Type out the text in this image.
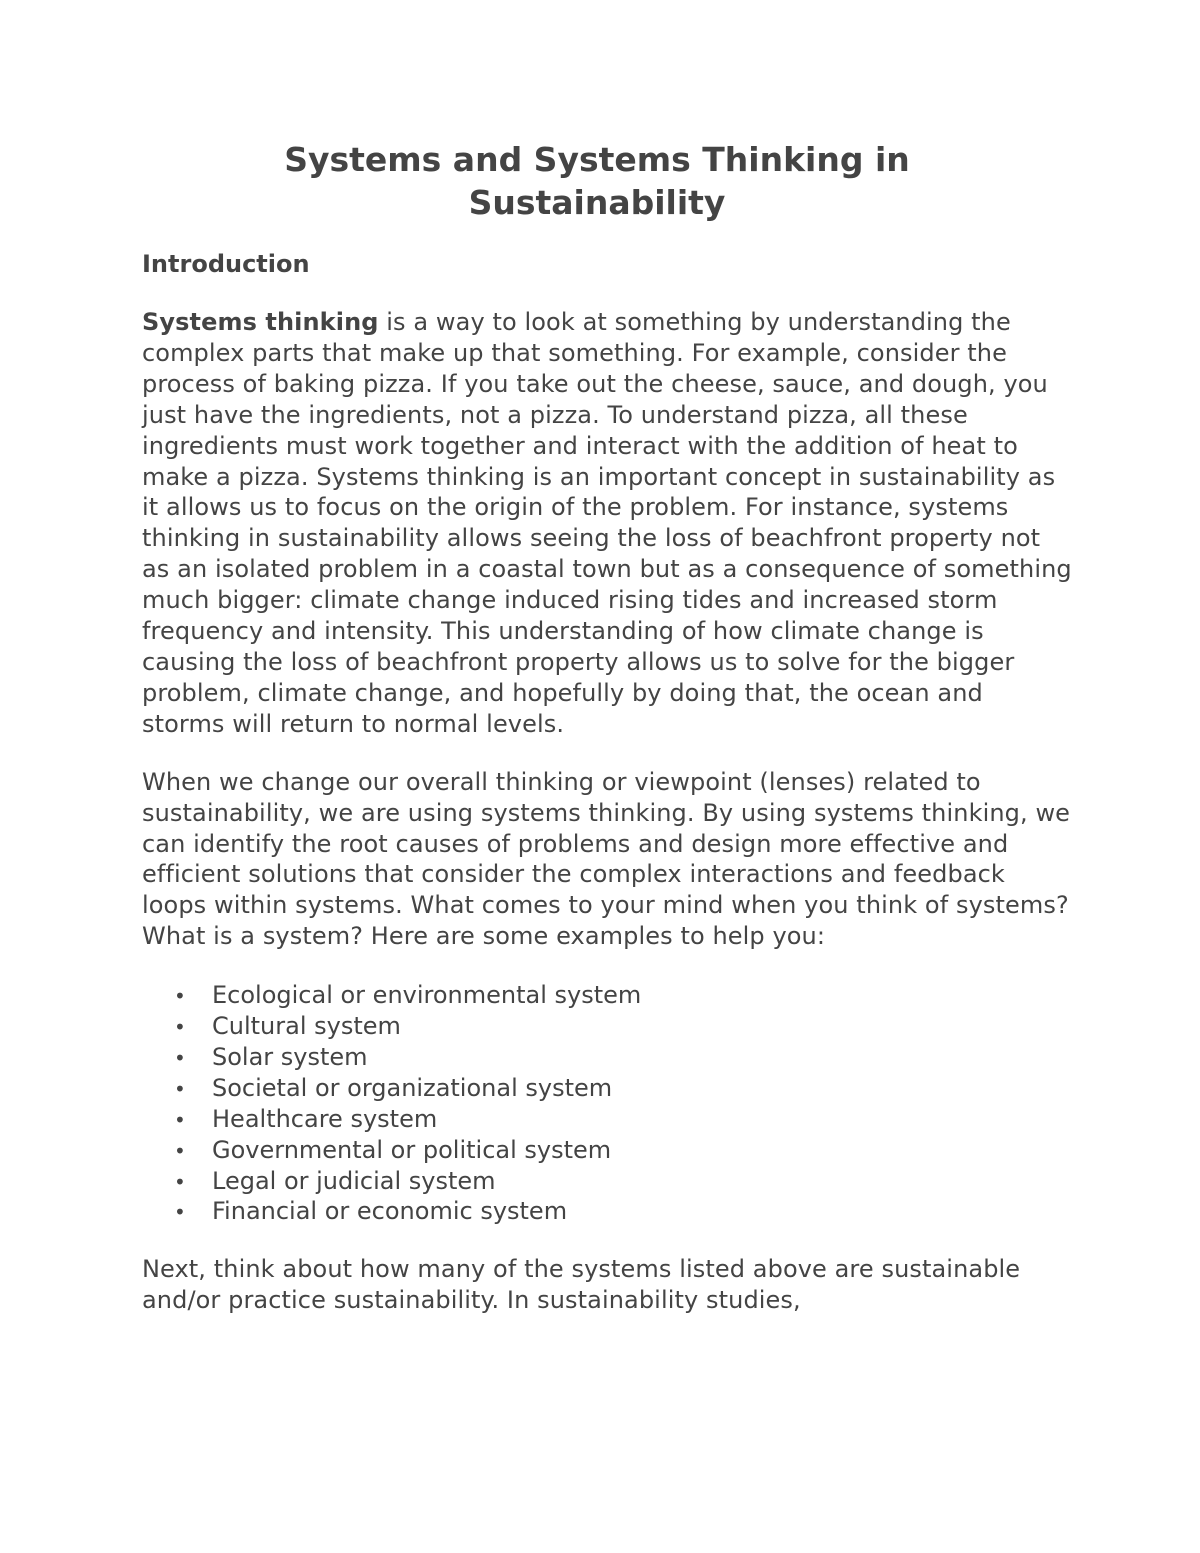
Systems and Systems Thinking in
Sustainability
Introduction

Systems thinking is a way to look at something by understanding the complex parts that make up that something. For example, consider the process of baking pizza. If you take out the cheese, sauce, and dough, you just have the ingredients, not a pizza. To understand pizza, all these ingredients must work together and interact with the addition of heat to make a pizza. Systems thinking is an important concept in sustainability as it allows us to focus on the origin of the problem. For instance, systems thinking in sustainability allows seeing the loss of beachfront property not as an isolated problem in a coastal town but as a consequence of something much bigger: climate change induced rising tides and increased storm frequency and intensity. This understanding of how climate change is causing the loss of beachfront property allows us to solve for the bigger problem, climate change, and hopefully by doing that, the ocean and storms will return to normal levels.

When we change our overall thinking or viewpoint (lenses) related to sustainability, we are using systems thinking. By using systems thinking, we can identify the root causes of problems and design more effective and efficient solutions that consider the complex interactions and feedback loops within systems. What comes to your mind when you think of systems? What is a system? Here are some examples to help you:

• Ecological or environmental system
• Cultural system
• Solar system
• Societal or organizational system
• Healthcare system
• Governmental or political system
• Legal or judicial system
• Financial or economic system

Next, think about how many of the systems listed above are sustainable and/or practice sustainability. In sustainability studies,
